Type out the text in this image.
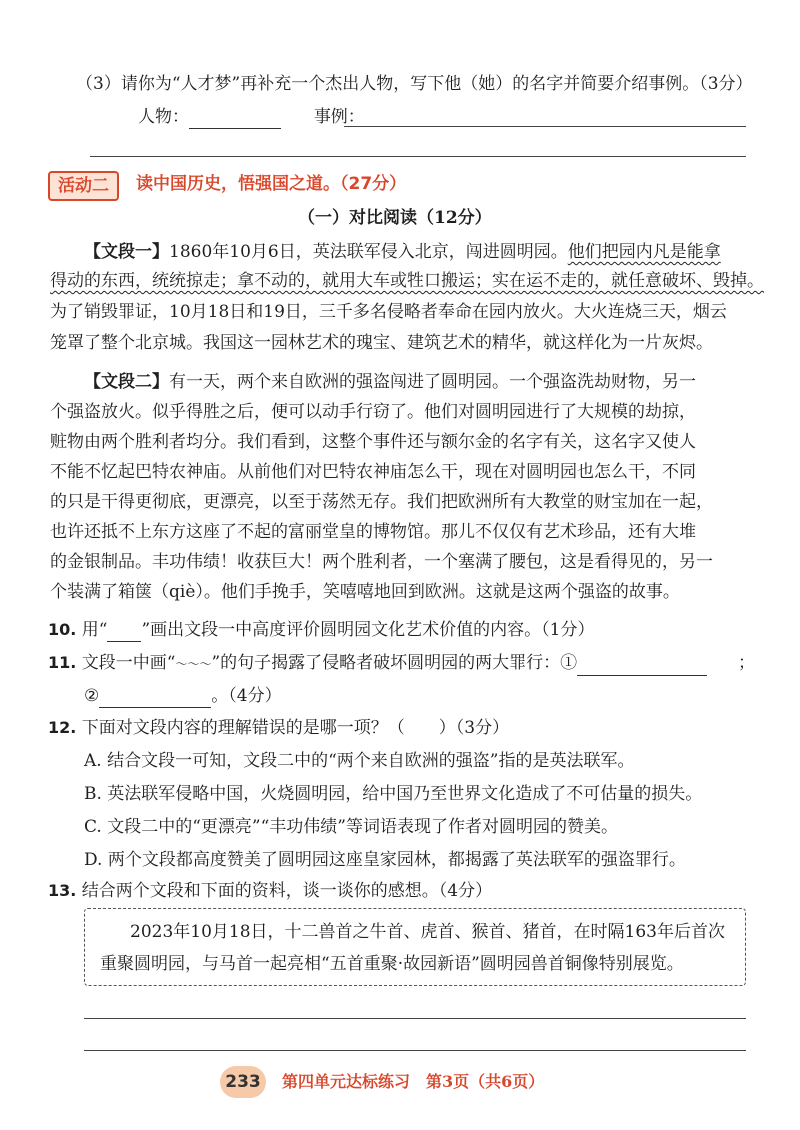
（3）请你为“人才梦”再补充一个杰出人物，写下他（她）的名字并简要介绍事例。（3分）
人物：	事例：
活动二	读中国历史，悟强国之道。（27分）
（一）对比阅读（12分）
【文段一】1860年10月6日，英法联军侵入北京，闯进圆明园。他们把园内凡是能拿
得动的东西，统统掠走；拿不动的，就用大车或牲口搬运；实在运不走的，就任意破坏、毁掉。
为了销毁罪证，10月18日和19日，三千多名侵略者奉命在园内放火。大火连烧三天，烟云
笼罩了整个北京城。我国这一园林艺术的瑰宝、建筑艺术的精华，就这样化为一片灰烬。
【文段二】有一天，两个来自欧洲的强盗闯进了圆明园。一个强盗洗劫财物，另一
个强盗放火。似乎得胜之后，便可以动手行窃了。他们对圆明园进行了大规模的劫掠，
赃物由两个胜利者均分。我们看到，这整个事件还与额尔金的名字有关，这名字又使人
不能不忆起巴特农神庙。从前他们对巴特农神庙怎么干，现在对圆明园也怎么干，不同
的只是干得更彻底，更漂亮，以至于荡然无存。我们把欧洲所有大教堂的财宝加在一起，
也许还抵不上东方这座了不起的富丽堂皇的博物馆。那儿不仅仅有艺术珍品，还有大堆
的金银制品。丰功伟绩！收获巨大！两个胜利者，一个塞满了腰包，这是看得见的，另一
个装满了箱箧（qiè）。他们手挽手，笑嘻嘻地回到欧洲。这就是这两个强盗的故事。
10. 用“ ”画出文段一中高度评价圆明园文化艺术价值的内容。（1分）
11. 文段一中画“～～～”的句子揭露了侵略者破坏圆明园的两大罪行：①	；
②	。（4分）
12. 下面对文段内容的理解错误的是哪一项？（　　）（3分）
A. 结合文段一可知，文段二中的“两个来自欧洲的强盗”指的是英法联军。
B. 英法联军侵略中国，火烧圆明园，给中国乃至世界文化造成了不可估量的损失。
C. 文段二中的“更漂亮”“丰功伟绩”等词语表现了作者对圆明园的赞美。
D. 两个文段都高度赞美了圆明园这座皇家园林，都揭露了英法联军的强盗罪行。
13. 结合两个文段和下面的资料，谈一谈你的感想。（4分）
2023年10月18日，十二兽首之牛首、虎首、猴首、猪首，在时隔163年后首次
重聚圆明园，与马首一起亮相“五首重聚·故园新语”圆明园兽首铜像特别展览。
233	第四单元达标练习　第3页（共6页）
